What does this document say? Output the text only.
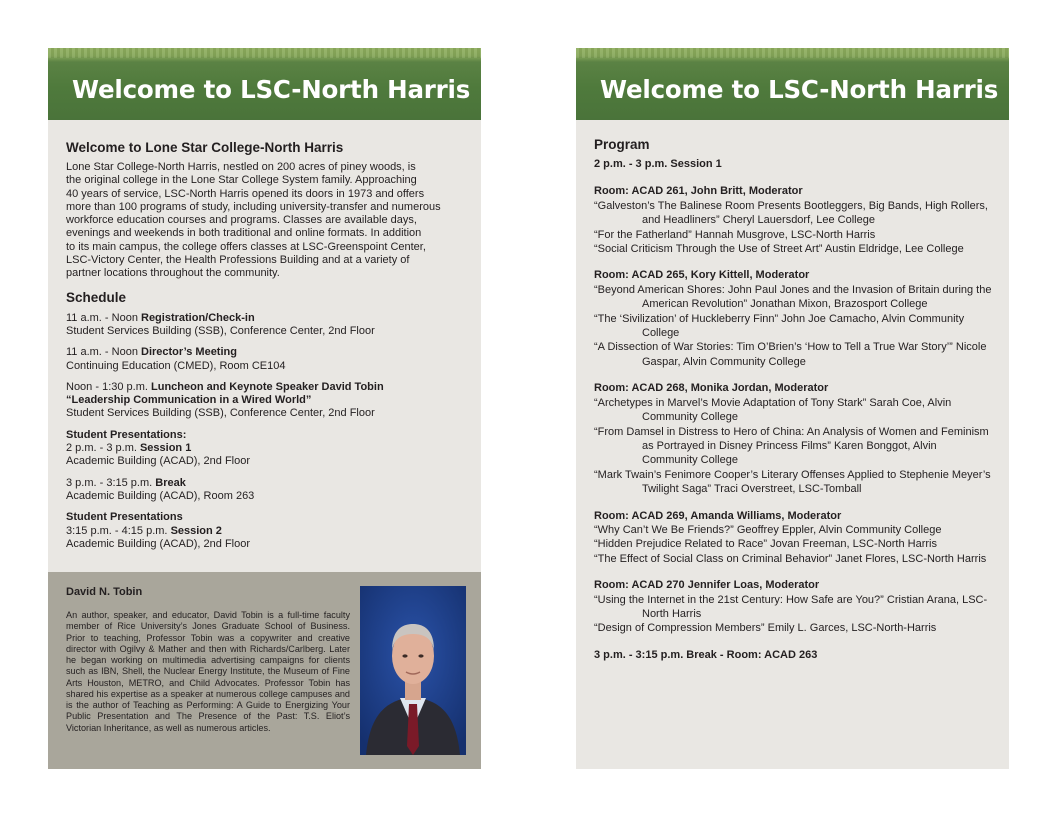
Welcome to LSC-North Harris

Welcome to Lone Star College-North Harris

Lone Star College-North Harris, nestled on 200 acres of piney woods, is

the original college in the Lone Star College System family. Approaching

40 years of service, LSC-North Harris opened its doors in 1973 and offers

more than 100 programs of study, including university-transfer and numerous

workforce education courses and programs. Classes are available days,

evenings and weekends in both traditional and online formats. In addition

to its main campus, the college offers classes at LSC-Greenspoint Center,

LSC-Victory Center, the Health Professions Building and at a variety of

partner locations throughout the community.

Schedule

11 a.m. - Noon Registration/Check-in

Student Services Building (SSB), Conference Center, 2nd Floor

11 a.m. - Noon Director’s Meeting

Continuing Education (CMED), Room CE104

Noon - 1:30 p.m. Luncheon and Keynote Speaker David Tobin

“Leadership Communication in a Wired World”

Student Services Building (SSB), Conference Center, 2nd Floor

Student Presentations:

2 p.m. - 3 p.m. Session 1

Academic Building (ACAD), 2nd Floor

3 p.m. - 3:15 p.m. Break

Academic Building (ACAD), Room 263

Student Presentations

3:15 p.m. - 4:15 p.m. Session 2

Academic Building (ACAD), 2nd Floor

David N. Tobin

An author, speaker, and educator, David Tobin is a full-time faculty member of Rice University’s Jones Graduate School of Business. Prior to teaching, Professor Tobin was a copywriter and creative director with Ogilvy & Mather and then with Richards/Carlberg. Later he began working on multimedia advertising campaigns for clients such as IBN, Shell, the Nuclear Energy Institute, the Museum of Fine Arts Houston, METRO, and Child Advocates. Professor Tobin has shared his expertise as a speaker at numerous college campuses and is the author of Teaching as Performing: A Guide to Energizing Your Public Presentation and The Presence of the Past: T.S. Eliot’s Victorian Inheritance, as well as numerous articles.

Welcome to LSC-North Harris

Program

2 p.m. - 3 p.m. Session 1

Room: ACAD 261, John Britt, Moderator

“Galveston’s The Balinese Room Presents Bootleggers, Big Bands, High Rollers, and Headliners” Cheryl Lauersdorf, Lee College

“For the Fatherland” Hannah Musgrove, LSC-North Harris

“Social Criticism Through the Use of Street Art” Austin Eldridge, Lee College

Room: ACAD 265, Kory Kittell, Moderator

“Beyond American Shores: John Paul Jones and the Invasion of Britain during the American Revolution” Jonathan Mixon, Brazosport College

“The ‘Sivilization’ of Huckleberry Finn” John Joe Camacho, Alvin Community College

“A Dissection of War Stories: Tim O’Brien’s ‘How to Tell a True War Story’” Nicole Gaspar, Alvin Community College

Room: ACAD 268, Monika Jordan, Moderator

“Archetypes in Marvel’s Movie Adaptation of Tony Stark” Sarah Coe, Alvin Community College

“From Damsel in Distress to Hero of China: An Analysis of Women and Feminism as Portrayed in Disney Princess Films” Karen Bonggot, Alvin Community College

“Mark Twain’s Fenimore Cooper’s Literary Offenses Applied to Stephenie Meyer’s Twilight Saga” Traci Overstreet, LSC-Tomball

Room: ACAD 269, Amanda Williams, Moderator

“Why Can’t We Be Friends?” Geoffrey Eppler, Alvin Community College

“Hidden Prejudice Related to Race” Jovan Freeman, LSC-North Harris

“The Effect of Social Class on Criminal Behavior” Janet Flores, LSC-North Harris

Room: ACAD 270 Jennifer Loas, Moderator

“Using the Internet in the 21st Century: How Safe are You?” Cristian Arana, LSC-North Harris

“Design of Compression Members” Emily L. Garces, LSC-North-Harris

3 p.m. - 3:15 p.m. Break - Room: ACAD 263
